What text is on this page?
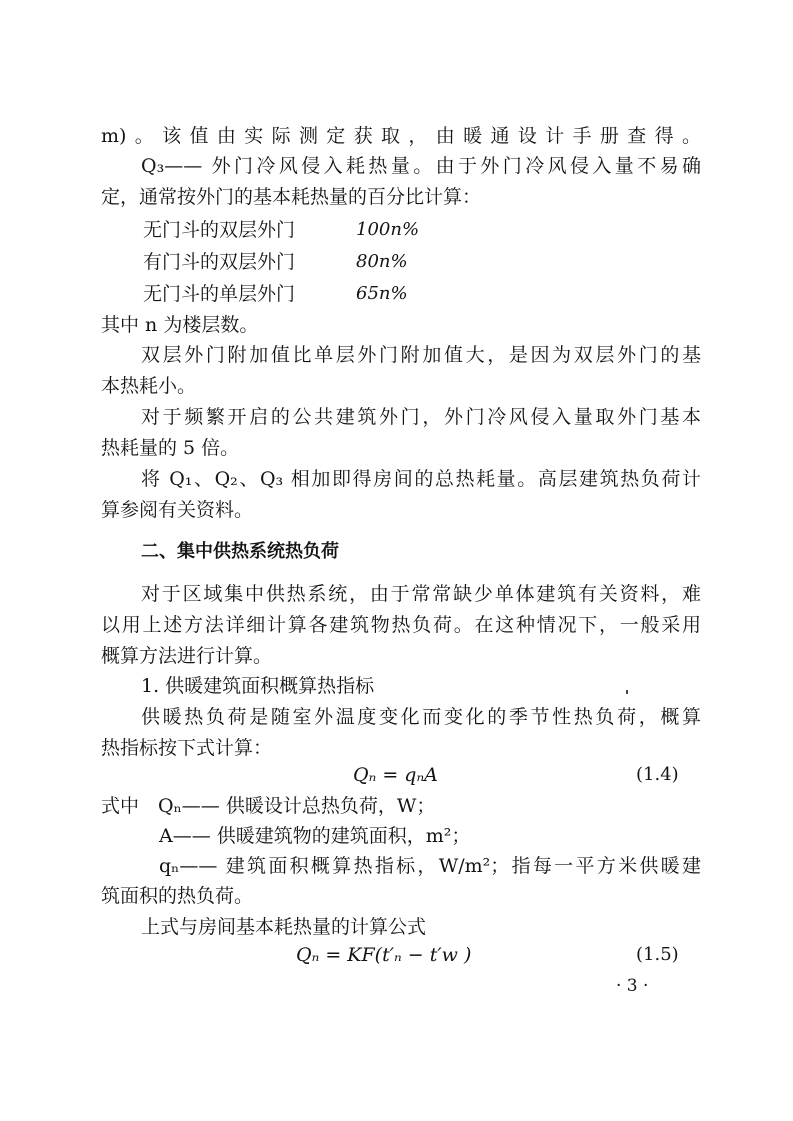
m)。该值由实际测定获取，由暖通设计手册查得。
Q₃—— 外门冷风侵入耗热量。由于外门冷风侵入量不易确
定，通常按外门的基本耗热量的百分比计算：
无门斗的双层外门	100n%
有门斗的双层外门	80n%
无门斗的单层外门	65n%
其中 n 为楼层数。
双层外门附加值比单层外门附加值大，是因为双层外门的基
本热耗小。
对于频繁开启的公共建筑外门，外门冷风侵入量取外门基本
热耗量的 5 倍。
将 Q₁、Q₂、Q₃ 相加即得房间的总热耗量。高层建筑热负荷计
算参阅有关资料。
二、集中供热系统热负荷
对于区域集中供热系统，由于常常缺少单体建筑有关资料，难
以用上述方法详细计算各建筑物热负荷。在这种情况下，一般采用
概算方法进行计算。
1. 供暖建筑面积概算热指标
供暖热负荷是随室外温度变化而变化的季节性热负荷，概算
热指标按下式计算：
Qₙ = qₙA	(1.4)
式中　Qₙ—— 供暖设计总热负荷，W；
A—— 供暖建筑物的建筑面积，m²；
qₙ—— 建筑面积概算热指标，W/m²；指每一平方米供暖建
筑面积的热负荷。
上式与房间基本耗热量的计算公式
Qₙ = KF(t′ₙ − t′w )	(1.5)
· 3 ·
